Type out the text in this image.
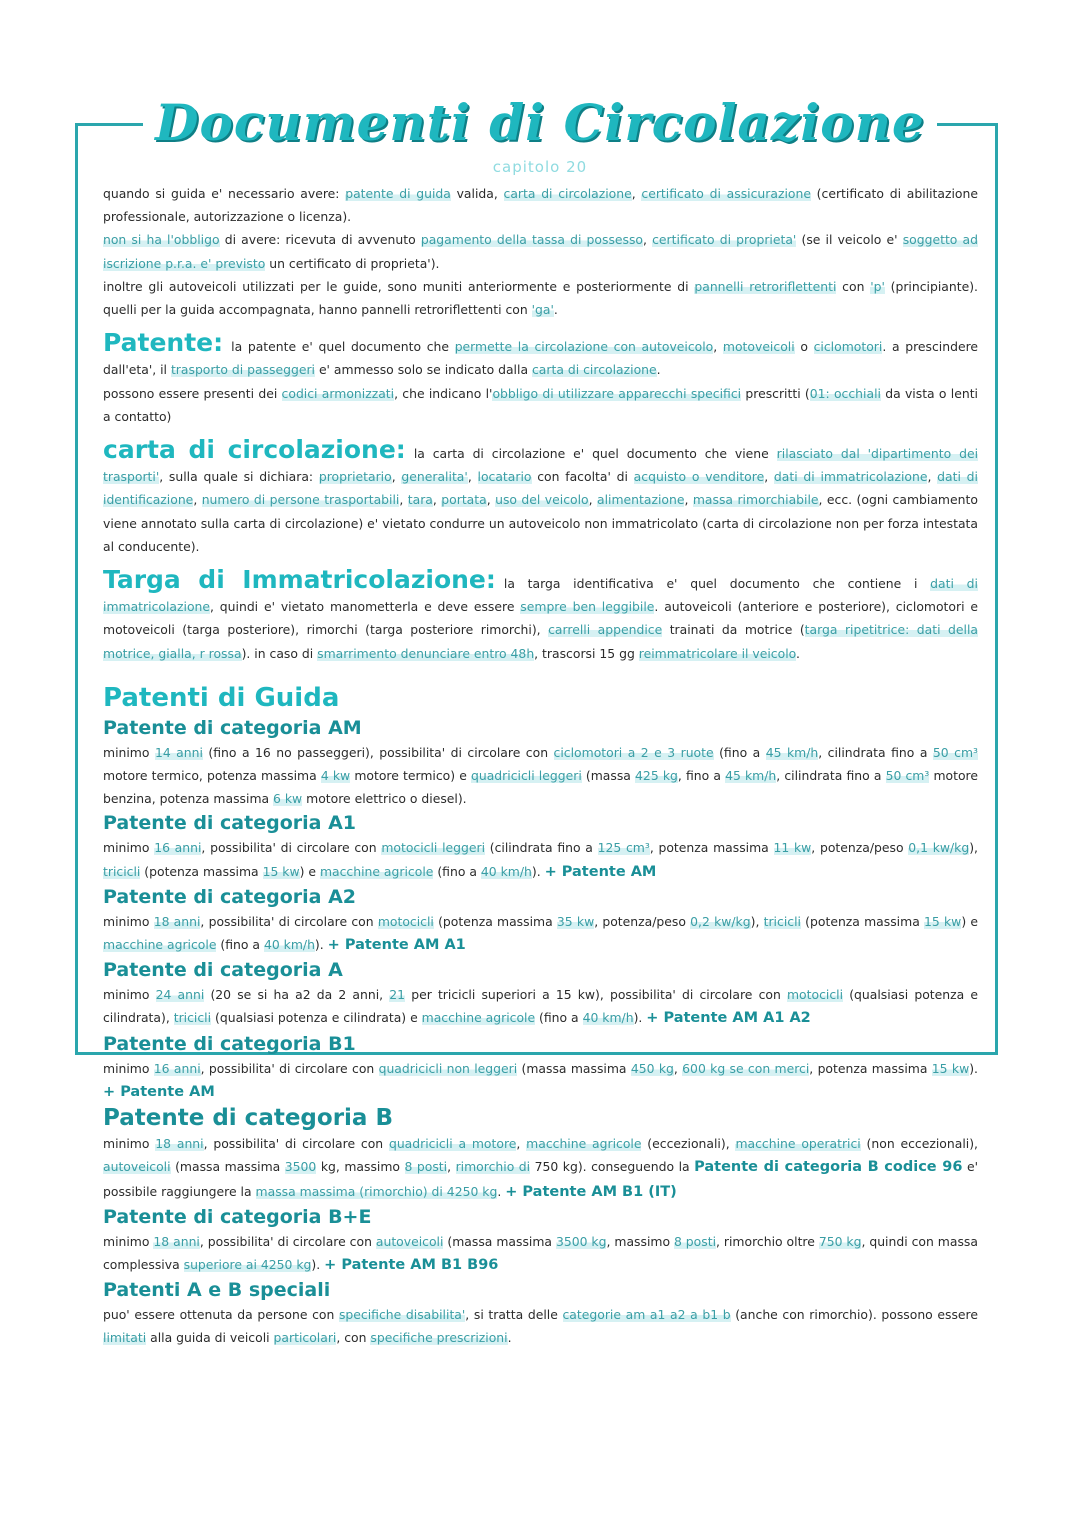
Documenti di Circolazione
capitolo 20

quando si guida e' necessario avere: patente di guida valida, carta di circolazione, certificato di assicurazione (certificato di abilitazione professionale, autorizzazione o licenza).

non si ha l'obbligo di avere: ricevuta di avvenuto pagamento della tassa di possesso, certificato di proprieta' (se il veicolo e' soggetto ad iscrizione p.r.a. e' previsto un certificato di proprieta').

inoltre gli autoveicoli utilizzati per le guide, sono muniti anteriormente e posteriormente di pannelli retroriflettenti con 'p' (principiante). quelli per la guida accompagnata, hanno pannelli retroriflettenti con 'ga'.

Patente: la patente e' quel documento che permette la circolazione con autoveicolo, motoveicoli o ciclomotori. a prescindere dall'eta', il trasporto di passeggeri e' ammesso solo se indicato dalla carta di circolazione.

possono essere presenti dei codici armonizzati, che indicano l'obbligo di utilizzare apparecchi specifici prescritti (01: occhiali da vista o lenti a contatto)

carta di circolazione: la carta di circolazione e' quel documento che viene rilasciato dal 'dipartimento dei trasporti', sulla quale si dichiara: proprietario, generalita', locatario con facolta' di acquisto o venditore, dati di immatricolazione, dati di identificazione, numero di persone trasportabili, tara, portata, uso del veicolo, alimentazione, massa rimorchiabile, ecc. (ogni cambiamento viene annotato sulla carta di circolazione) e' vietato condurre un autoveicolo non immatricolato (carta di circolazione non per forza intestata al conducente).

Targa di Immatricolazione: la targa identificativa e' quel documento che contiene i dati di immatricolazione, quindi e' vietato manometterla e deve essere sempre ben leggibile. autoveicoli (anteriore e posteriore), ciclomotori e motoveicoli (targa posteriore), rimorchi (targa posteriore rimorchi), carrelli appendice trainati da motrice (targa ripetitrice: dati della motrice, gialla, r rossa). in caso di smarrimento denunciare entro 48h, trascorsi 15 gg reimmatricolare il veicolo.

Patenti di Guida
Patente di categoria AM

minimo 14 anni (fino a 16 no passeggeri), possibilita' di circolare con ciclomotori a 2 e 3 ruote (fino a 45 km/h, cilindrata fino a 50 cm³ motore termico, potenza massima 4 kw motore termico) e quadricicli leggeri (massa 425 kg, fino a 45 km/h, cilindrata fino a 50 cm³ motore benzina, potenza massima 6 kw motore elettrico o diesel).

Patente di categoria A1

minimo 16 anni, possibilita' di circolare con motocicli leggeri (cilindrata fino a 125 cm³, potenza massima 11 kw, potenza/peso 0,1 kw/kg), tricicli (potenza massima 15 kw) e macchine agricole (fino a 40 km/h). + Patente AM

Patente di categoria A2

minimo 18 anni, possibilita' di circolare con motocicli (potenza massima 35 kw, potenza/peso 0,2 kw/kg), tricicli (potenza massima 15 kw) e macchine agricole (fino a 40 km/h). + Patente AM A1

Patente di categoria A

minimo 24 anni (20 se si ha a2 da 2 anni, 21 per tricicli superiori a 15 kw), possibilita' di circolare con motocicli (qualsiasi potenza e cilindrata), tricicli (qualsiasi potenza e cilindrata) e macchine agricole (fino a 40 km/h). + Patente AM A1 A2

Patente di categoria B1

minimo 16 anni, possibilita' di circolare con quadricicli non leggeri (massa massima 450 kg, 600 kg se con merci, potenza massima 15 kw). + Patente AM

Patente di categoria B

minimo 18 anni, possibilita' di circolare con quadricicli a motore, macchine agricole (eccezionali), macchine operatrici (non eccezionali), autoveicoli (massa massima 3500 kg, massimo 8 posti, rimorchio di 750 kg). conseguendo la Patente di categoria B codice 96 e' possibile raggiungere la massa massima (rimorchio) di 4250 kg. + Patente AM B1 (IT)

Patente di categoria B+E

minimo 18 anni, possibilita' di circolare con autoveicoli (massa massima 3500 kg, massimo 8 posti, rimorchio oltre 750 kg, quindi con massa complessiva superiore ai 4250 kg). + Patente AM B1 B96

Patenti A e B speciali

puo' essere ottenuta da persone con specifiche disabilita', si tratta delle categorie am a1 a2 a b1 b (anche con rimorchio). possono essere limitati alla guida di veicoli particolari, con specifiche prescrizioni.
